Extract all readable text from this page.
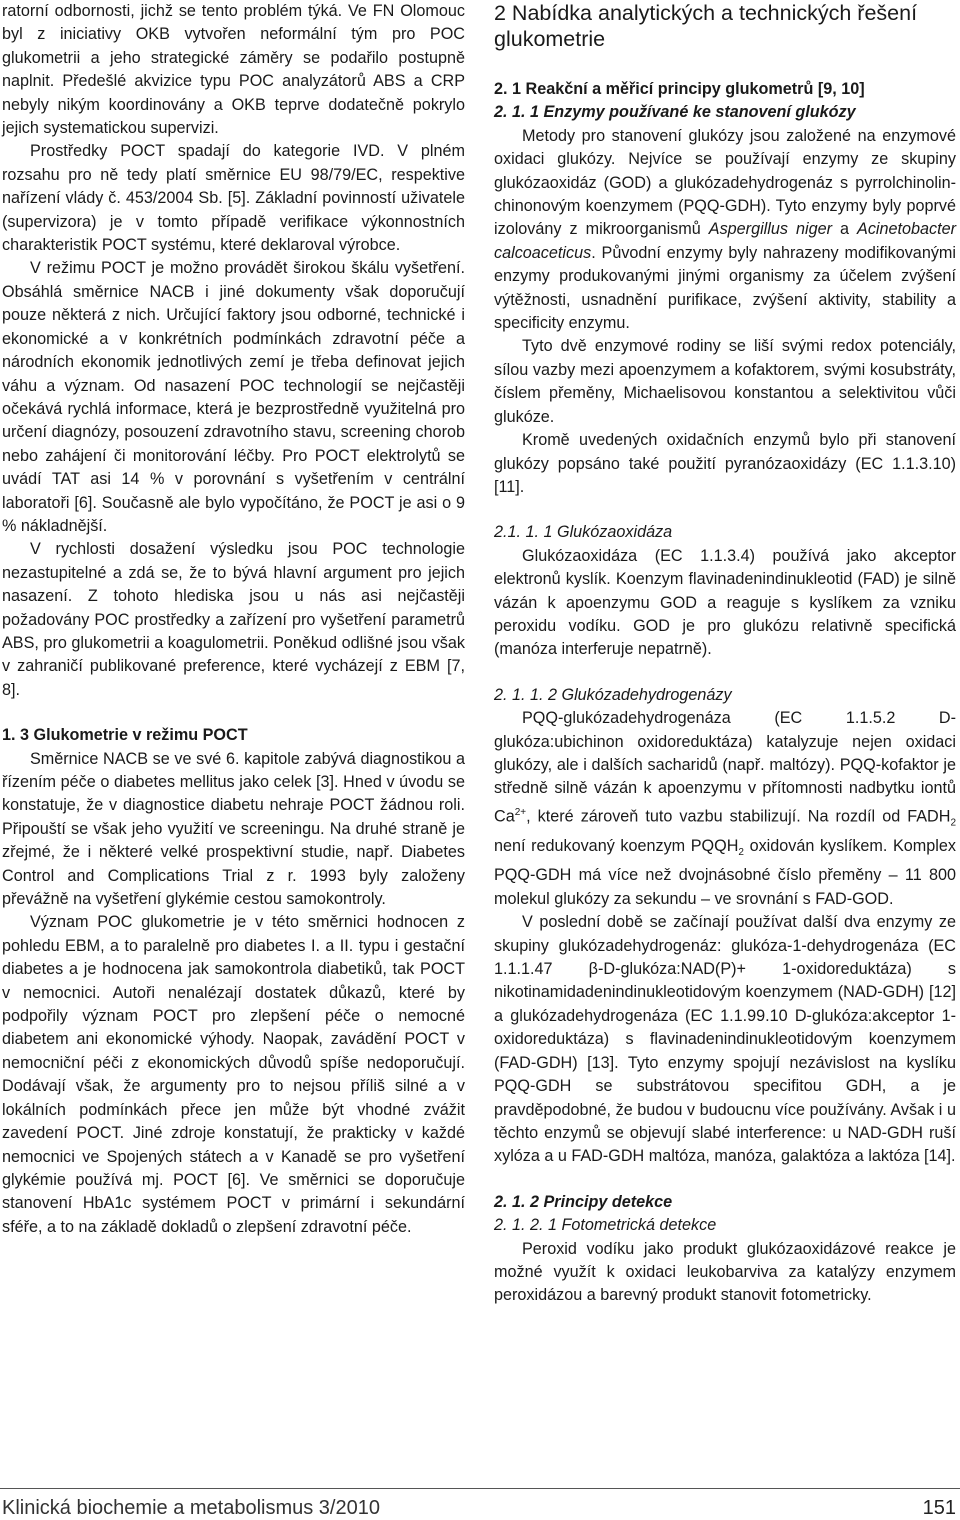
ratorní odbornosti, jichž se tento problém týká. Ve FN Olomouc byl z iniciativy OKB vytvořen neformální tým pro POC glukometrii a jeho strategické záměry se podařilo postupně naplnit. Předešlé akvizice typu POC analyzátorů ABS a CRP nebyly nikým koordinovány a OKB teprve dodatečně pokrylo jejich systematickou supervizi.

Prostředky POCT spadají do kategorie IVD. V plném rozsahu pro ně tedy platí směrnice EU 98/79/EC, respektive nařízení vlády č. 453/2004 Sb. [5]. Základní povinností uživatele (supervizora) je v tomto případě verifikace výkonnostních charakteristik POCT systému, které deklaroval výrobce.

V režimu POCT je možno provádět širokou škálu vyšetření. Obsáhlá směrnice NACB i jiné dokumenty však doporučují pouze některá z nich. Určující faktory jsou odborné, technické i ekonomické a v konkrétních podmínkách zdravotní péče a národních ekonomik jednotlivých zemí je třeba definovat jejich váhu a význam. Od nasazení POC technologií se nejčastěji očekává rychlá informace, která je bezprostředně využitelná pro určení diagnózy, posouzení zdravotního stavu, screening chorob nebo zahájení či monitorování léčby. Pro POCT elektrolytů se uvádí TAT asi 14 % v porovnání s vyšetřením v centrální laboratoři [6]. Současně ale bylo vypočítáno, že POCT je asi o 9 % nákladnější.

V rychlosti dosažení výsledku jsou POC technologie nezastupitelné a zdá se, že to bývá hlavní argument pro jejich nasazení. Z tohoto hlediska jsou u nás asi nejčastěji požadovány POC prostředky a zařízení pro vyšetření parametrů ABS, pro glukometrii a koagulometrii. Poněkud odlišné jsou však v zahraničí publikované preference, které vycházejí z EBM [7, 8].

1. 3 Glukometrie v režimu POCT

Směrnice NACB se ve své 6. kapitole zabývá diagnostikou a řízením péče o diabetes mellitus jako celek [3]. Hned v úvodu se konstatuje, že v diagnostice diabetu nehraje POCT žádnou roli. Připouští se však jeho využití ve screeningu. Na druhé straně je zřejmé, že i některé velké prospektivní studie, např. Diabetes Control and Complications Trial z r. 1993 byly založeny převážně na vyšetření glykémie cestou samokontroly.

Význam POC glukometrie je v této směrnici hodnocen z pohledu EBM, a to paralelně pro diabetes I. a II. typu i gestační diabetes a je hodnocena jak samokontrola diabetiků, tak POCT v nemocnici. Autoři nenalézají dostatek důkazů, které by podpořily význam POCT pro zlepšení péče o nemocné diabetem ani ekonomické výhody. Naopak, zavádění POCT v nemocniční péči z ekonomických důvodů spíše nedoporučují. Dodávají však, že argumenty pro to nejsou příliš silné a v lokálních podmínkách přece jen může být vhodné zvážit zavedení POCT. Jiné zdroje konstatují, že prakticky v každé nemocnici ve Spojených státech a v Kanadě se pro vyšetření glykémie používá mj. POCT [6]. Ve směrnici se doporučuje stanovení HbA1c systémem POCT v primární i sekundární sféře, a to na základě dokladů o zlepšení zdravotní péče.

2 Nabídka analytických a technických řešení glukometrie

2. 1 Reakční a měřicí principy glukometrů [9, 10]

2. 1. 1 Enzymy používané ke stanovení glukózy

Metody pro stanovení glukózy jsou založené na enzymové oxidaci glukózy. Nejvíce se používají enzymy ze skupiny glukózaoxidáz (GOD) a glukózadehydrogenáz s pyrrolchinolin-chinonovým koenzymem (PQQ-GDH). Tyto enzymy byly poprvé izolovány z mikroorganismů Aspergillus niger a Acinetobacter calcoaceticus. Původní enzymy byly nahrazeny modifikovanými enzymy produkovanými jinými organismy za účelem zvýšení výtěžnosti, usnadnění purifikace, zvýšení aktivity, stability a specificity enzymu.

Tyto dvě enzymové rodiny se liší svými redox potenciály, sílou vazby mezi apoenzymem a kofaktorem, svými kosubstráty, číslem přeměny, Michaelisovou konstantou a selektivitou vůči glukóze.

Kromě uvedených oxidačních enzymů bylo při stanovení glukózy popsáno také použití pyranózaoxidázy (EC 1.1.3.10) [11].

2.1. 1. 1 Glukózaoxidáza

Glukózaoxidáza (EC 1.1.3.4) používá jako akceptor elektronů kyslík. Koenzym flavinadenindinukleotid (FAD) je silně vázán k apoenzymu GOD a reaguje s kyslíkem za vzniku peroxidu vodíku. GOD je pro glukózu relativně specifická (manóza interferuje nepatrně).

2. 1. 1. 2 Glukózadehydrogenázy

PQQ-glukózadehydrogenáza (EC 1.1.5.2 D-glukóza:ubichinon oxidoreduktáza) katalyzuje nejen oxidaci glukózy, ale i dalších sacharidů (např. maltózy). PQQ-kofaktor je středně silně vázán k apoenzymu v přítomnosti nadbytku iontů $Ca^{2+}$, které zároveň tuto vazbu stabilizují. Na rozdíl od $FADH_2$ není redukovaný koenzym $PQQH_2$ oxidován kyslíkem. Komplex PQQ-GDH má více než dvojnásobné číslo přeměny – 11 800 molekul glukózy za sekundu – ve srovnání s FAD-GOD.

V poslední době se začínají používat další dva enzymy ze skupiny glukózadehydrogenáz: glukóza-1-dehydrogenáza (EC 1.1.1.47 β-D-glukóza:NAD(P)+ 1-oxidoreduktáza) s nikotinamidadenindinukleotidovým koenzymem (NAD-GDH) [12] a glukózadehydrogenáza (EC 1.1.99.10 D-glukóza:akceptor 1-oxidoreduktáza) s flavinadenindinukleotidovým koenzymem (FAD-GDH) [13]. Tyto enzymy spojují nezávislost na kyslíku PQQ-GDH se substrátovou specifitou GDH, a je pravděpodobné, že budou v budoucnu více používány. Avšak i u těchto enzymů se objevují slabé interference: u NAD-GDH ruší xylóza a u FAD-GDH maltóza, manóza, galaktóza a laktóza [14].

2. 1. 2 Principy detekce

2. 1. 2. 1 Fotometrická detekce

Peroxid vodíku jako produkt glukózaoxidázové reakce je možné využít k oxidaci leukobarviva za katalýzy enzymem peroxidázou a barevný produkt stanovit fotometricky.

Klinická biochemie a metabolismus 3/2010	151
